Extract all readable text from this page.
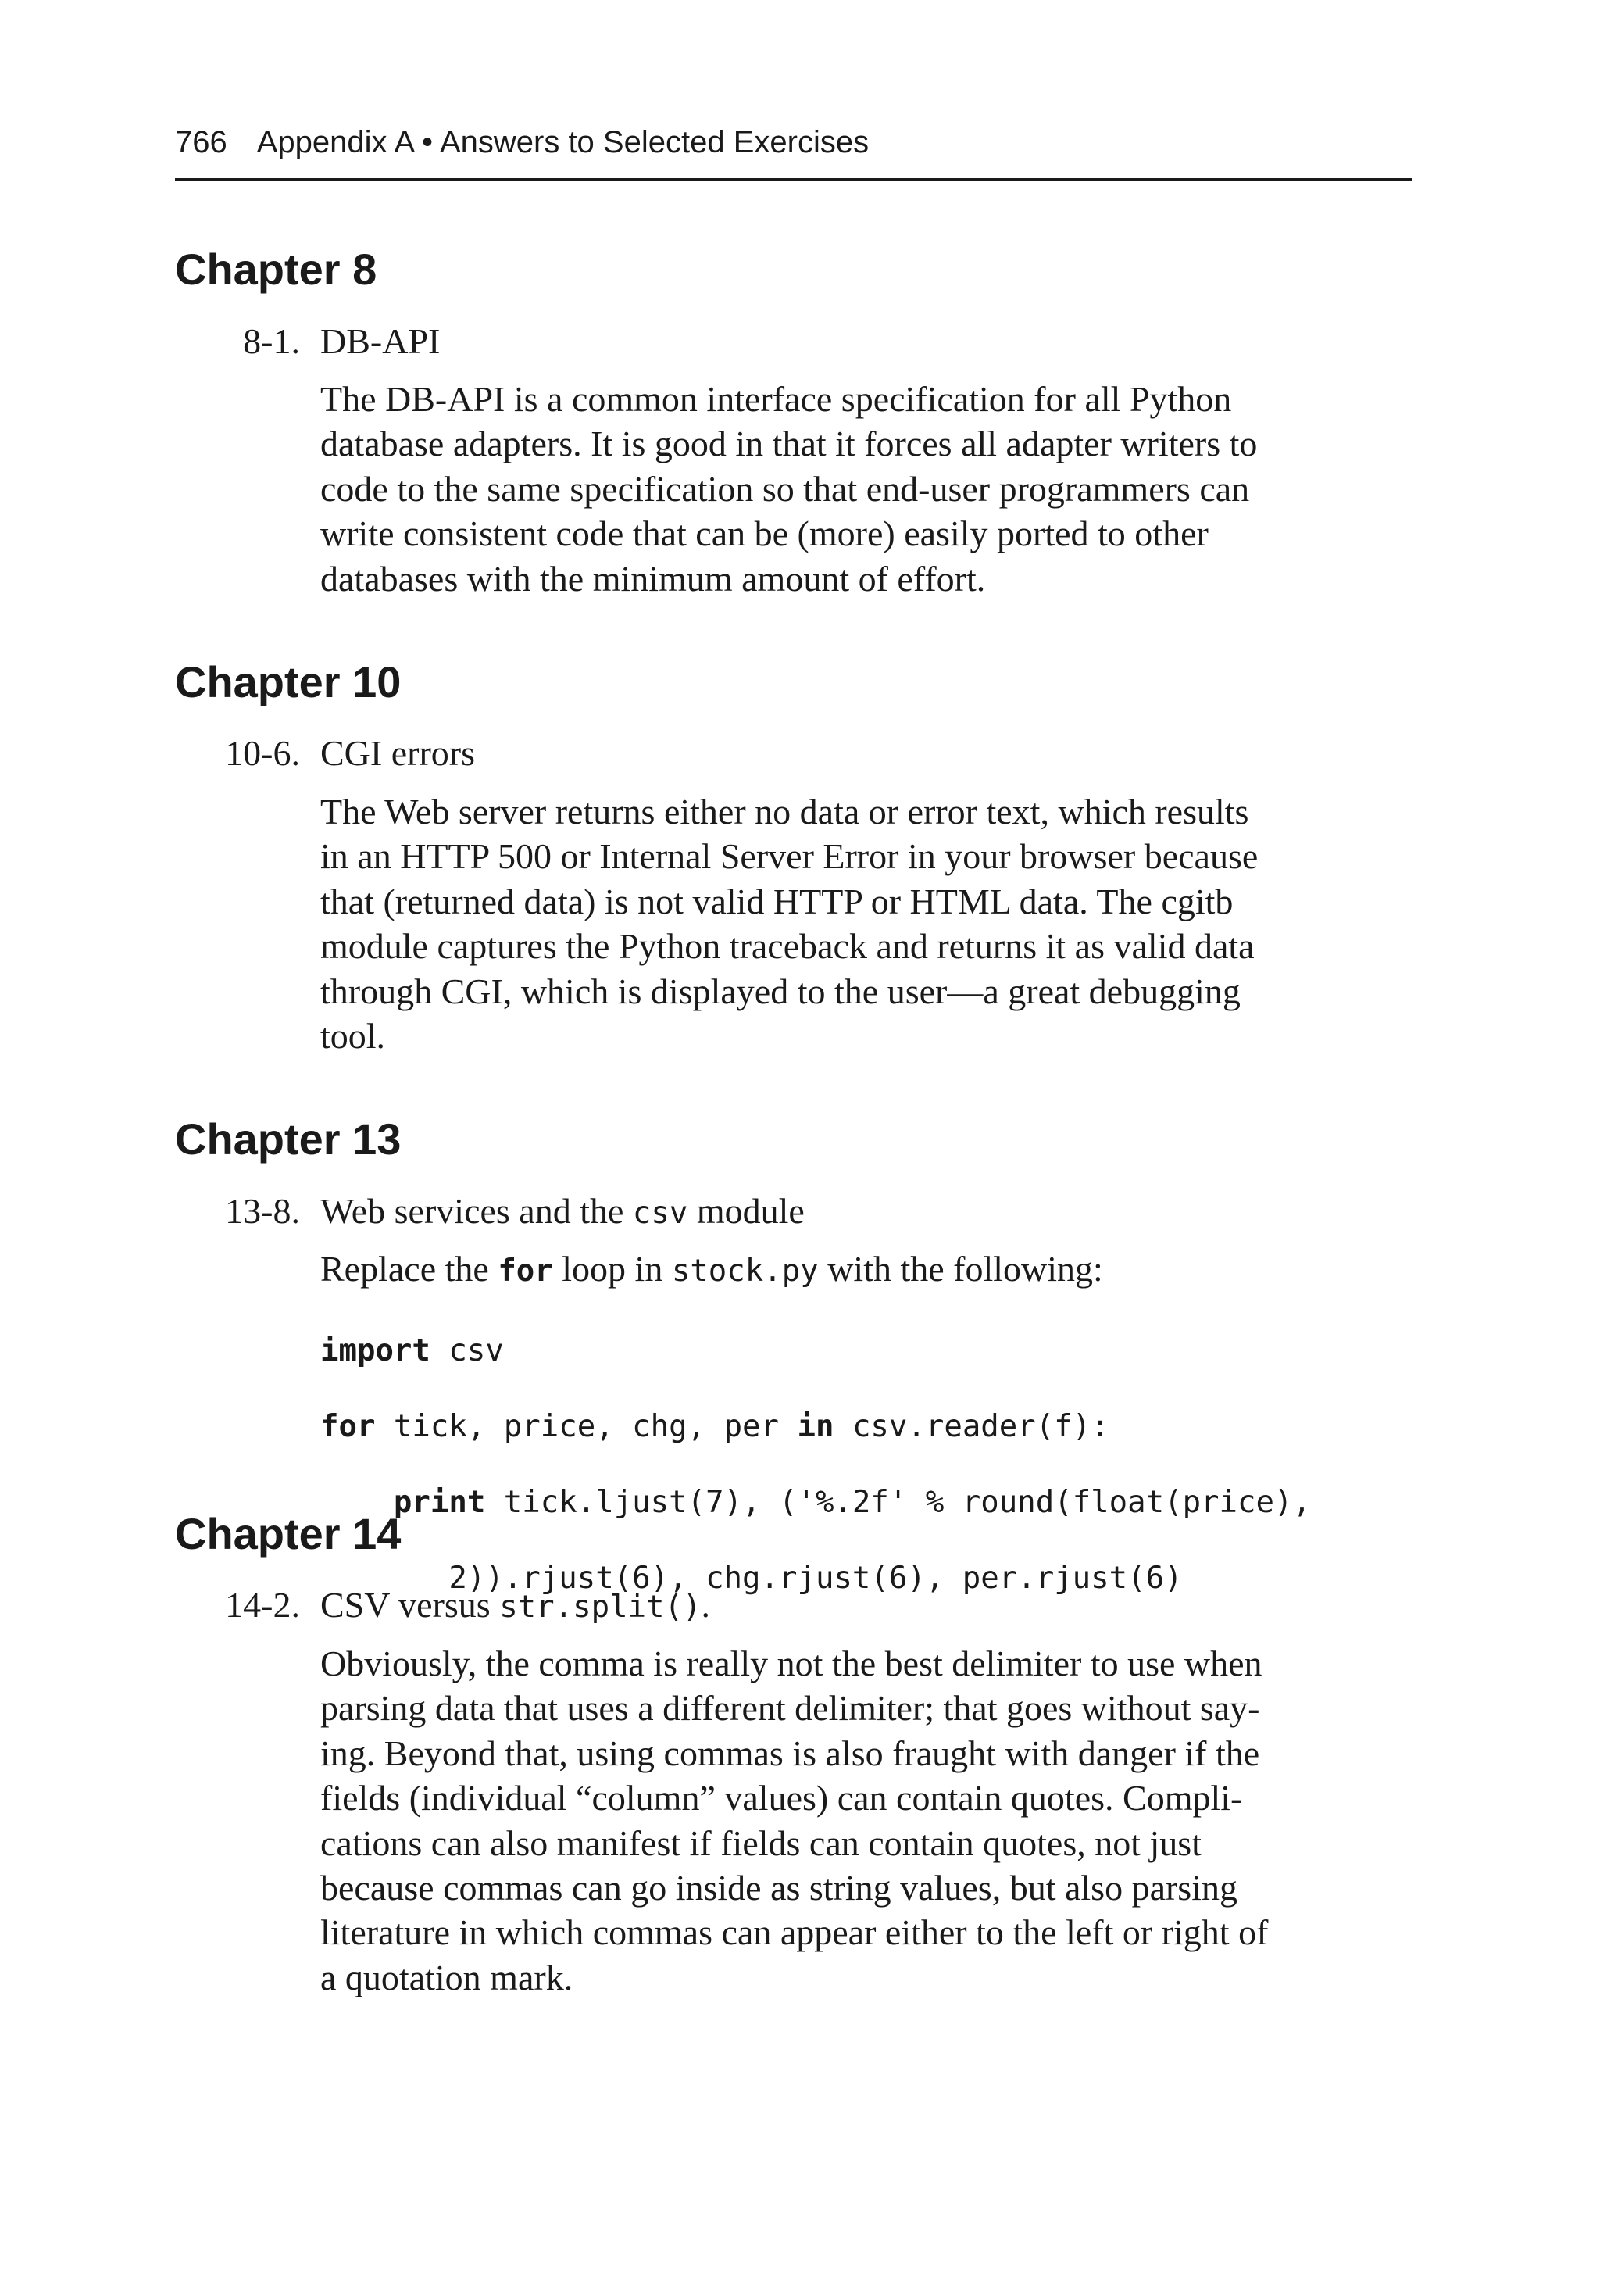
766 Appendix A • Answers to Selected Exercises
Chapter 8
8-1. DB-API
The DB-API is a common interface specification for all Python
database adapters. It is good in that it forces all adapter writers to
code to the same specification so that end-user programmers can
write consistent code that can be (more) easily ported to other
databases with the minimum amount of effort.
Chapter 10
10-6. CGI errors
The Web server returns either no data or error text, which results
in an HTTP 500 or Internal Server Error in your browser because
that (returned data) is not valid HTTP or HTML data. The cgitb
module captures the Python traceback and returns it as valid data
through CGI, which is displayed to the user—a great debugging
tool.
Chapter 13
13-8. Web services and the csv module
Replace the for loop in stock.py with the following:

import csv

for tick, price, chg, per in csv.reader(f):

print tick.ljust(7), ('%.2f' % round(float(price),

2)).rjust(6), chg.rjust(6), per.rjust(6)

Chapter 14
14-2. CSV versus str.split().
Obviously, the comma is really not the best delimiter to use when
parsing data that uses a different delimiter; that goes without say-
ing. Beyond that, using commas is also fraught with danger if the
fields (individual “column” values) can contain quotes. Compli-
cations can also manifest if fields can contain quotes, not just
because commas can go inside as string values, but also parsing
literature in which commas can appear either to the left or right of
a quotation mark.
